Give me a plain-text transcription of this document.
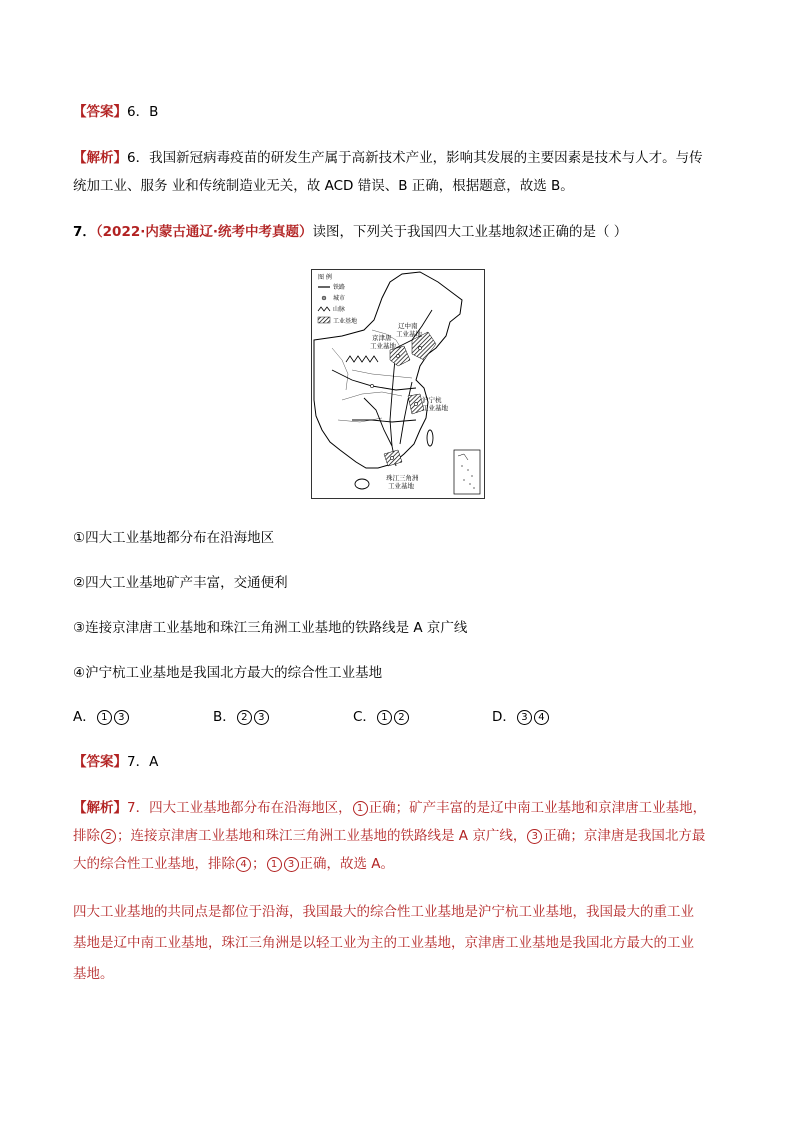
【答案】6．B
【解析】6．我国新冠病毒疫苗的研发生产属于高新技术产业，影响其发展的主要因素是技术与人才。与传
统加工业、服务 业和传统制造业无关，故 ACD 错误、B 正确，根据题意，故选 B。
7．（2022·内蒙古通辽·统考中考真题）读图，下列关于我国四大工业基地叙述正确的是（ ）
图 例
铁路
城市
山脉
工业基地
辽中南
工业基地
京津唐
工业基地
沪宁杭
工业基地
珠江三角洲
工业基地
①四大工业基地都分布在沿海地区
②四大工业基地矿产丰富，交通便利
③连接京津唐工业基地和珠江三角洲工业基地的铁路线是 A 京广线
④沪宁杭工业基地是我国北方最大的综合性工业基地
A． 1 3	B． 2 3	C． 1 2	D． 3 4
【答案】7．A
【解析】7．四大工业基地都分布在沿海地区， 1 正确；矿产丰富的是辽中南工业基地和京津唐工业基地，
排除 2 ；连接京津唐工业基地和珠江三角洲工业基地的铁路线是 A 京广线， 3 正确；京津唐是我国北方最
大的综合性工业基地，排除 4 ； 1 3 正确，故选 A。
四大工业基地的共同点是都位于沿海，我国最大的综合性工业基地是沪宁杭工业基地，我国最大的重工业
基地是辽中南工业基地，珠江三角洲是以轻工业为主的工业基地，京津唐工业基地是我国北方最大的工业
基地。
